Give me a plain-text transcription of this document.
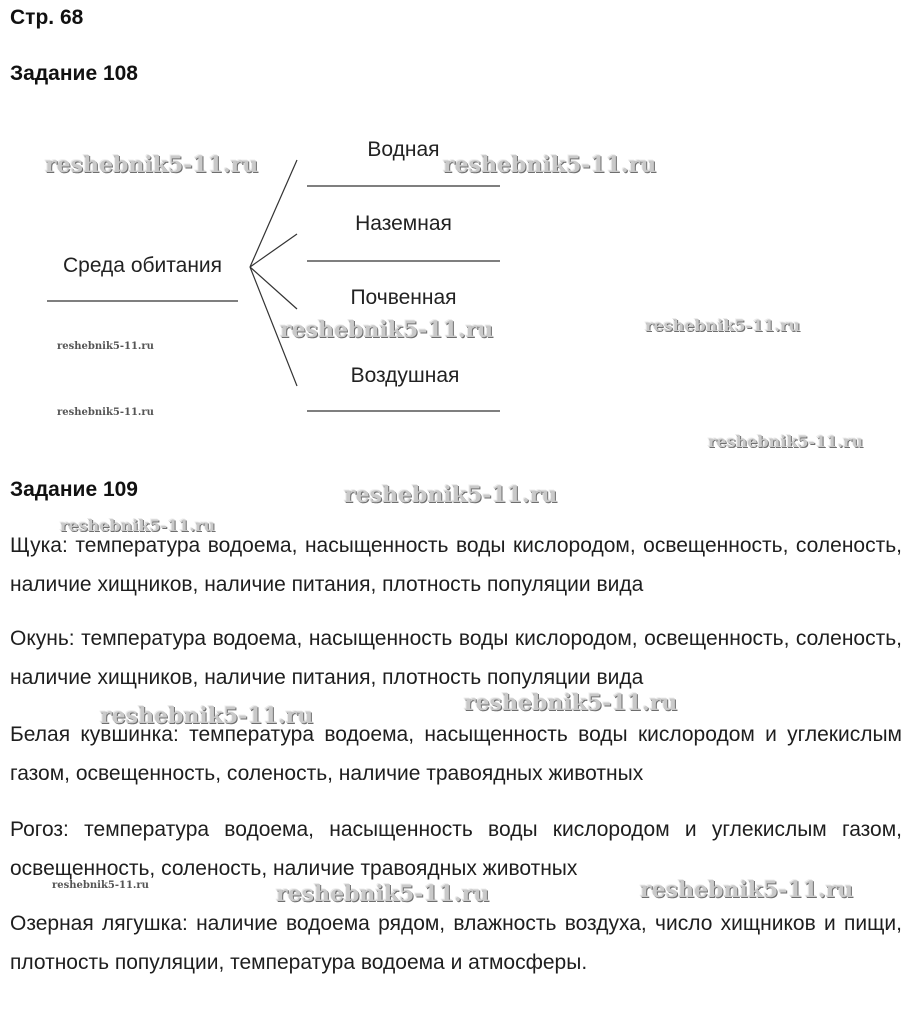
Стр. 68
Задание 108
Среда обитания
Водная
Наземная
Почвенная
Воздушная
Задание 109
Щука: температура водоема, насыщенность воды кислородом, освещенность, соленость, наличие хищников, наличие питания, плотность популяции вида
Окунь: температура водоема, насыщенность воды кислородом, освещенность, соленость, наличие хищников, наличие питания, плотность популяции вида
Белая кувшинка: температура водоема, насыщенность воды кислородом и углекислым газом, освещенность, соленость, наличие травоядных животных
Рогоз: температура водоема, насыщенность воды кислородом и углекислым газом, освещенность, соленость, наличие травоядных животных
Озерная лягушка: наличие водоема рядом, влажность воздуха, число хищников и пищи, плотность популяции, температура водоема и атмосферы.
reshebnik5-11.ru	reshebnik5-11.ru
reshebnik5-11.ru	reshebnik5-11.ru
reshebnik5-11.ru
reshebnik5-11.ru
reshebnik5-11.ru
reshebnik5-11.ru
reshebnik5-11.ru
reshebnik5-11.ru
reshebnik5-11.ru
reshebnik5-11.ru	reshebnik5-11.ru	reshebnik5-11.ru
